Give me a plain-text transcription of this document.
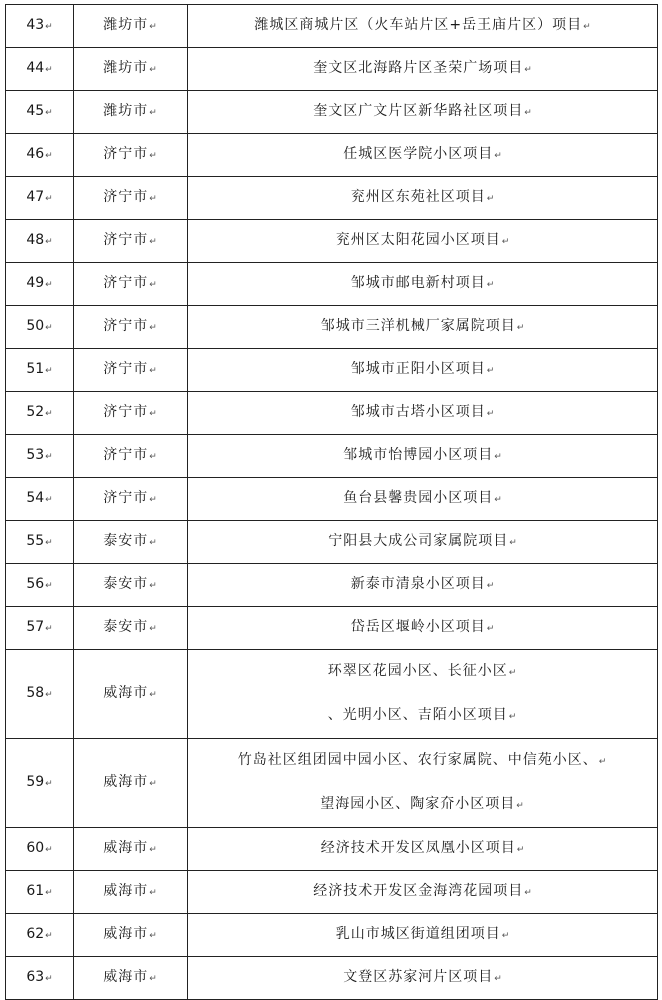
43↵	潍坊市↵	潍城区商城片区（火车站片区+岳王庙片区）项目↵
44↵	潍坊市↵	奎文区北海路片区圣荣广场项目↵
45↵	潍坊市↵	奎文区广文片区新华路社区项目↵
46↵	济宁市↵	任城区医学院小区项目↵
47↵	济宁市↵	兖州区东苑社区项目↵
48↵	济宁市↵	兖州区太阳花园小区项目↵
49↵	济宁市↵	邹城市邮电新村项目↵
50↵	济宁市↵	邹城市三洋机械厂家属院项目↵
51↵	济宁市↵	邹城市正阳小区项目↵
52↵	济宁市↵	邹城市古塔小区项目↵
53↵	济宁市↵	邹城市怡博园小区项目↵
54↵	济宁市↵	鱼台县馨贵园小区项目↵
55↵	泰安市↵	宁阳县大成公司家属院项目↵
56↵	泰安市↵	新泰市清泉小区项目↵
57↵	泰安市↵	岱岳区堰岭小区项目↵
58↵	威海市↵	环翠区花园小区、长征小区↵
、光明小区、吉陌小区项目↵

59↵	威海市↵	竹岛社区组团园中园小区、农行家属院、中信苑小区、↵
望海园小区、陶家夼小区项目↵

60↵	威海市↵	经济技术开发区凤凰小区项目↵
61↵	威海市↵	经济技术开发区金海湾花园项目↵
62↵	威海市↵	乳山市城区街道组团项目↵
63↵	威海市↵	文登区苏家河片区项目↵
